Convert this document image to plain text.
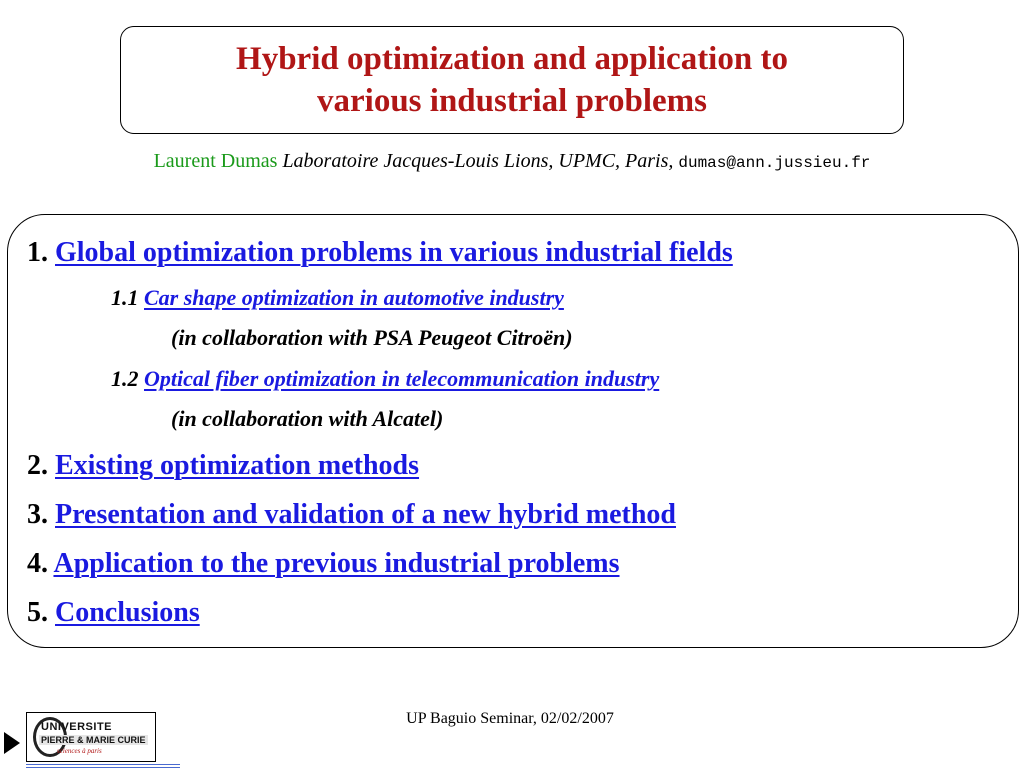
Hybrid optimization and application to
various industrial problems
Laurent Dumas Laboratoire Jacques-Louis Lions, UPMC, Paris, dumas@ann.jussieu.fr
1. Global optimization problems in various industrial fields
1.1 Car shape optimization in automotive industry
(in collaboration with PSA Peugeot Citroën)
1.2 Optical fiber optimization in telecommunication industry
(in collaboration with Alcatel)
2. Existing optimization methods
3. Presentation and validation of a new hybrid method
4. Application to the previous industrial problems
5. Conclusions
UP Baguio Seminar, 02/02/2007
UNIVERSITE
PIERRE & MARIE CURIE
sciences à paris
